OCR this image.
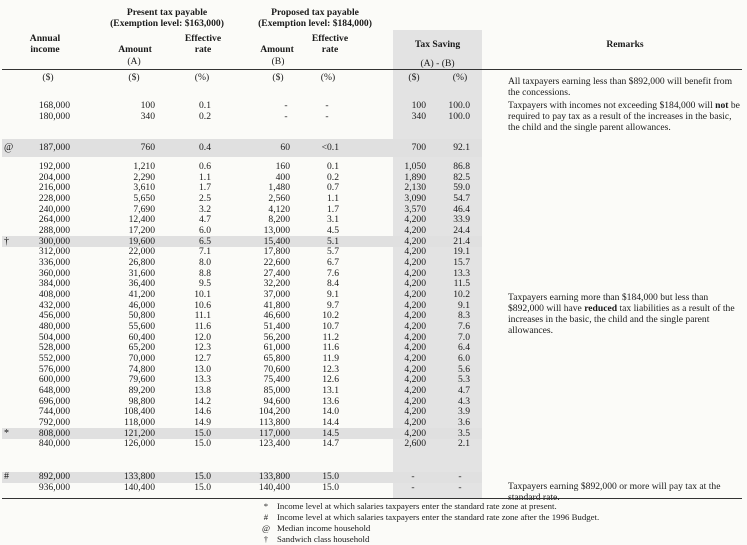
Annual
income
Present tax payable
(Exemption level: $163,000)
Proposed tax payable
(Exemption level: $184,000)
Amount
Effective
rate
(A)
Amount
Effective
rate
(B)
Tax Saving
(A) - (B)
Remarks
($)	($)	(%)	($)	(%)	($)	(%)
168,000	100	0.1	-	-	100	100.0
180,000	340	0.2	-	-	340	100.0
@	187,000	760	0.4	60	<0.1	700	92.1
192,000	1,210	0.6	160	0.1	1,050	86.8
204,000	2,290	1.1	400	0.2	1,890	82.5
216,000	3,610	1.7	1,480	0.7	2,130	59.0
228,000	5,650	2.5	2,560	1.1	3,090	54.7
240,000	7,690	3.2	4,120	1.7	3,570	46.4
264,000	12,400	4.7	8,200	3.1	4,200	33.9
288,000	17,200	6.0	13,000	4.5	4,200	24.4
†	300,000	19,600	6.5	15,400	5.1	4,200	21.4
312,000	22,000	7.1	17,800	5.7	4,200	19.1
336,000	26,800	8.0	22,600	6.7	4,200	15.7
360,000	31,600	8.8	27,400	7.6	4,200	13.3
384,000	36,400	9.5	32,200	8.4	4,200	11.5
408,000	41,200	10.1	37,000	9.1	4,200	10.2
432,000	46,000	10.6	41,800	9.7	4,200	9.1
456,000	50,800	11.1	46,600	10.2	4,200	8.3
480,000	55,600	11.6	51,400	10.7	4,200	7.6
504,000	60,400	12.0	56,200	11.2	4,200	7.0
528,000	65,200	12.3	61,000	11.6	4,200	6.4
552,000	70,000	12.7	65,800	11.9	4,200	6.0
576,000	74,800	13.0	70,600	12.3	4,200	5.6
600,000	79,600	13.3	75,400	12.6	4,200	5.3
648,000	89,200	13.8	85,000	13.1	4,200	4.7
696,000	98,800	14.2	94,600	13.6	4,200	4.3
744,000	108,400	14.6	104,200	14.0	4,200	3.9
792,000	118,000	14.9	113,800	14.4	4,200	3.6
*	808,000	121,200	15.0	117,000	14.5	4,200	3.5
840,000	126,000	15.0	123,400	14.7	2,600	2.1
#	892,000	133,800	15.0	133,800	15.0	-	-
936,000	140,400	15.0	140,400	15.0	-	-
All taxpayers earning less than $892,000 will benefit from the concessions.
Taxpayers with incomes not exceeding $184,000 will not be required to pay tax as a result of the increases in the basic, the child and the single parent allowances.
Taxpayers earning more than $184,000 but less than $892,000 will have reduced tax liabilities as a result of the increases in the basic, the child and the single parent allowances.
Taxpayers earning $892,000 or more will pay tax at the
* Income level at which salaries taxpayers enter the standard rate zone at present.
# Income level at which salaries taxpayers enter the standard rate zone after the 1996 Budget.
@ Median income household
† Sandwich class household
